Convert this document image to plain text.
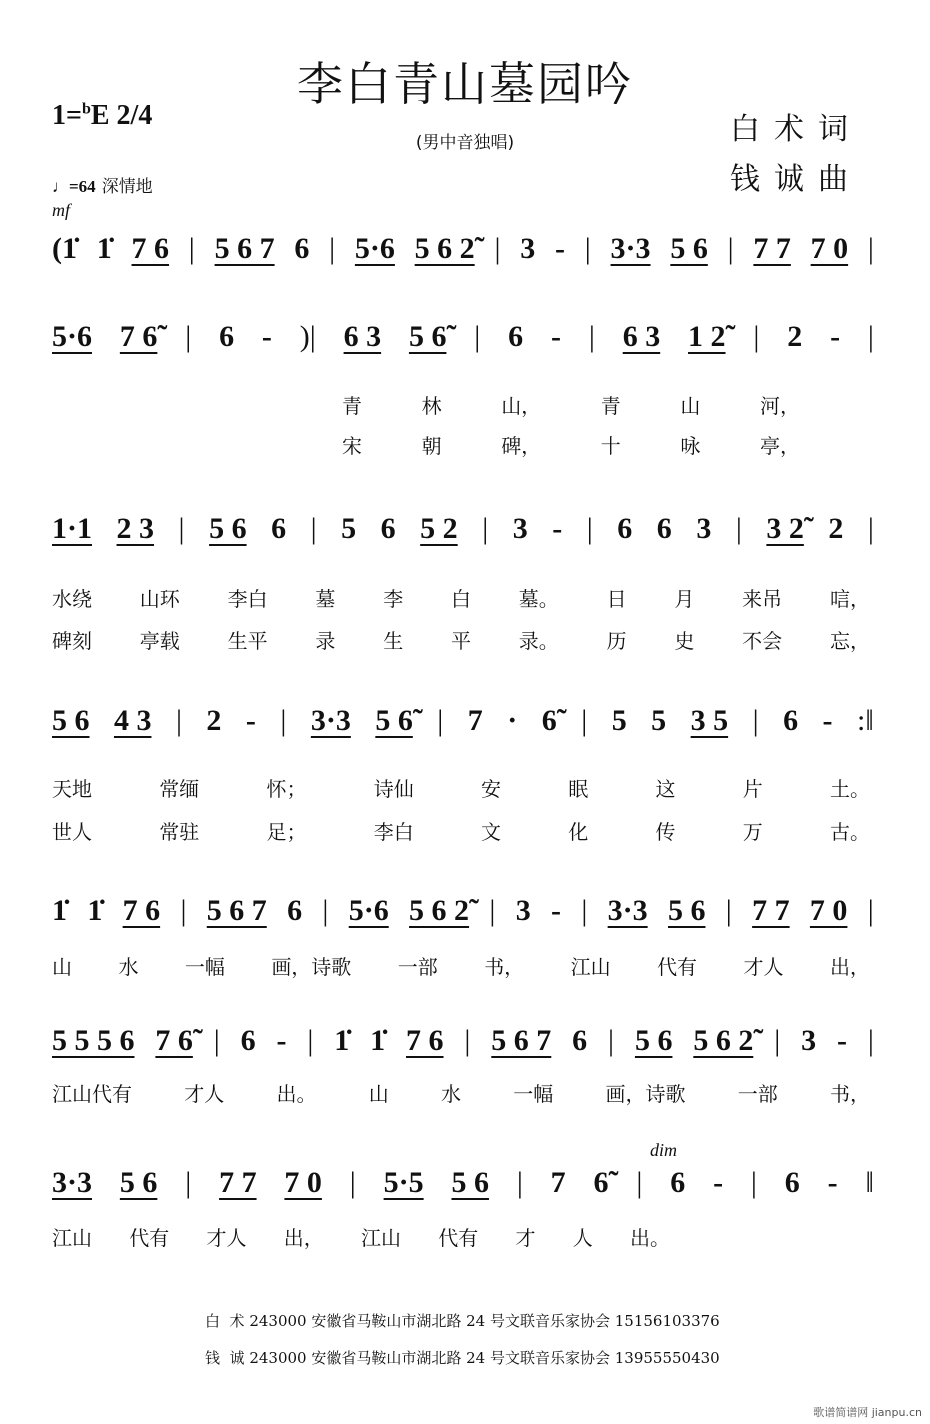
李白青山墓园吟
1=$^b$E 2/4
(男中音独唱)	白术词
钱诚曲
♩=64 深情地
mf
dim
(1̇ 1̇ 7 6 | 5 6 7 6 | 5·6 5 6 2̃ | 3 - | 3·3 5 6 | 7 7 7 0 |
5·6 7 6̃ | 6 - )| 6 3 5 6̃ | 6 - | 6 3 1 2̃ | 2 - |
青	林	山，	青	山	河，
宋	朝	碑，	十	咏	亭，
1·1 2 3 | 5 6 6 | 5 6 5 2 | 3 - | 6 6 3 | 3 2̃ 2 |
水绕 山环 李白 墓 李 白 墓。 日 月 来吊 唁，
碑刻 亭载 生平 录 生 平 录。 历 史 不会 忘，
5 6 4 3 | 2 - | 3·3 5 6̃ | 7 · 6̃ | 5 5 3 5 | 6 - :‖
天地	常缅	怀；	诗仙	安	眠	这	片	土。
世人	常驻	足；	李白	文	化	传	万	古。
1̇ 1̇ 7 6 | 5 6 7 6 | 5·6 5 6 2̃ | 3 - | 3·3 5 6 | 7 7 7 0 |
山 水 一幅 画，诗歌 一部 书， 江山 代有 才人 出，
5 5 5 6 7 6̃ | 6 - | 1̇ 1̇ 7 6 | 5 6 7 6 | 5 6 5 6 2̃ | 3 - |
江山代有	才人	出。	山	水	一幅	画，诗歌	一部	书，
3·3 5 6 | 7 7 7 0 | 5·5 5 6 | 7 6̃ | 6 - | 6 - ‖
江山 代有 才人 出， 江山 代有 才 人 出。
白  术 243000 安徽省马鞍山市湖北路 24 号文联音乐家协会 15156103376
钱  诚 243000 安徽省马鞍山市湖北路 24 号文联音乐家协会 13955550430
歌谱简谱网 jianpu.cn
